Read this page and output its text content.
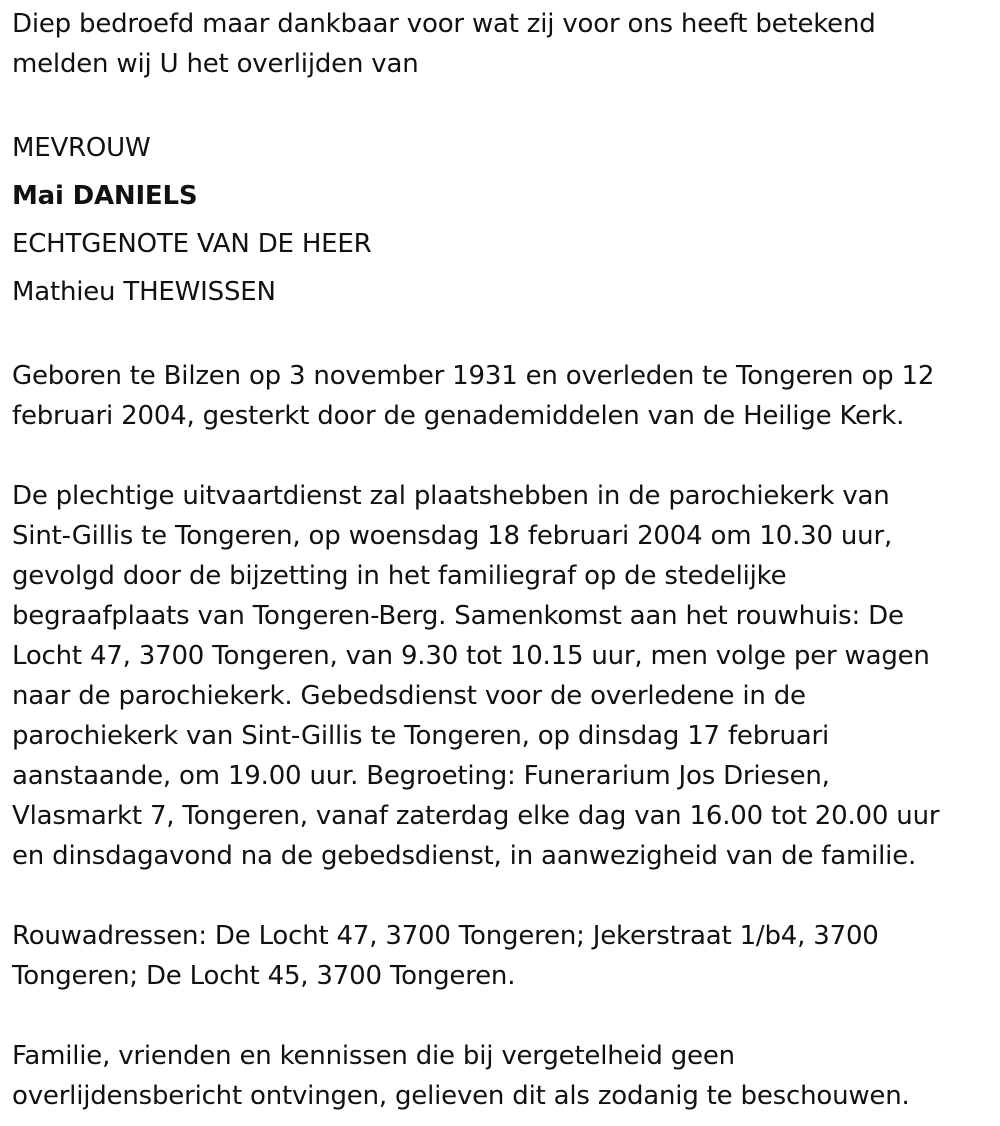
Diep bedroefd maar dankbaar voor wat zij voor ons heeft betekend
melden wij U het overlijden van

MEVROUW

Mai DANIELS

ECHTGENOTE VAN DE HEER

Mathieu THEWISSEN

Geboren te Bilzen op 3 november 1931 en overleden te Tongeren op 12
februari 2004, gesterkt door de genademiddelen van de Heilige Kerk.

De plechtige uitvaartdienst zal plaatshebben in de parochiekerk van
Sint-Gillis te Tongeren, op woensdag 18 februari 2004 om 10.30 uur,
gevolgd door de bijzetting in het familiegraf op de stedelijke
begraafplaats van Tongeren-Berg. Samenkomst aan het rouwhuis: De
Locht 47, 3700 Tongeren, van 9.30 tot 10.15 uur, men volge per wagen
naar de parochiekerk. Gebedsdienst voor de overledene in de
parochiekerk van Sint-Gillis te Tongeren, op dinsdag 17 februari
aanstaande, om 19.00 uur. Begroeting: Funerarium Jos Driesen,
Vlasmarkt 7, Tongeren, vanaf zaterdag elke dag van 16.00 tot 20.00 uur
en dinsdagavond na de gebedsdienst, in aanwezigheid van de familie.

Rouwadressen: De Locht 47, 3700 Tongeren; Jekerstraat 1/b4, 3700
Tongeren; De Locht 45, 3700 Tongeren.

Familie, vrienden en kennissen die bij vergetelheid geen
overlijdensbericht ontvingen, gelieven dit als zodanig te beschouwen.
